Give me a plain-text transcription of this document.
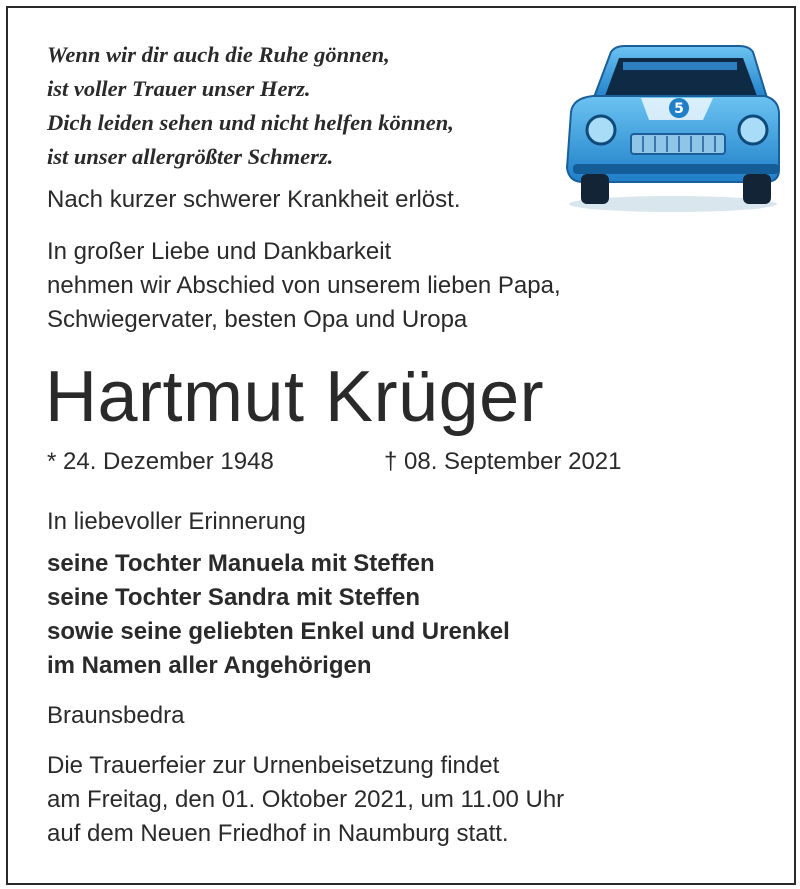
Wenn wir dir auch die Ruhe gönnen,
ist voller Trauer unser Herz.
Dich leiden sehen und nicht helfen können,
ist unser allergrößter Schmerz.
5
Nach kurzer schwerer Krankheit erlöst.
In großer Liebe und Dankbarkeit
nehmen wir Abschied von unserem lieben Papa,
Schwiegervater, besten Opa und Uropa
Hartmut Krüger
* 24. Dezember 1948	† 08. September 2021
In liebevoller Erinnerung
seine Tochter Manuela mit Steffen
seine Tochter Sandra mit Steffen
sowie seine geliebten Enkel und Urenkel
im Namen aller Angehörigen
Braunsbedra
Die Trauerfeier zur Urnenbeisetzung findet
am Freitag, den 01. Oktober 2021, um 11.00 Uhr
auf dem Neuen Friedhof in Naumburg statt.
